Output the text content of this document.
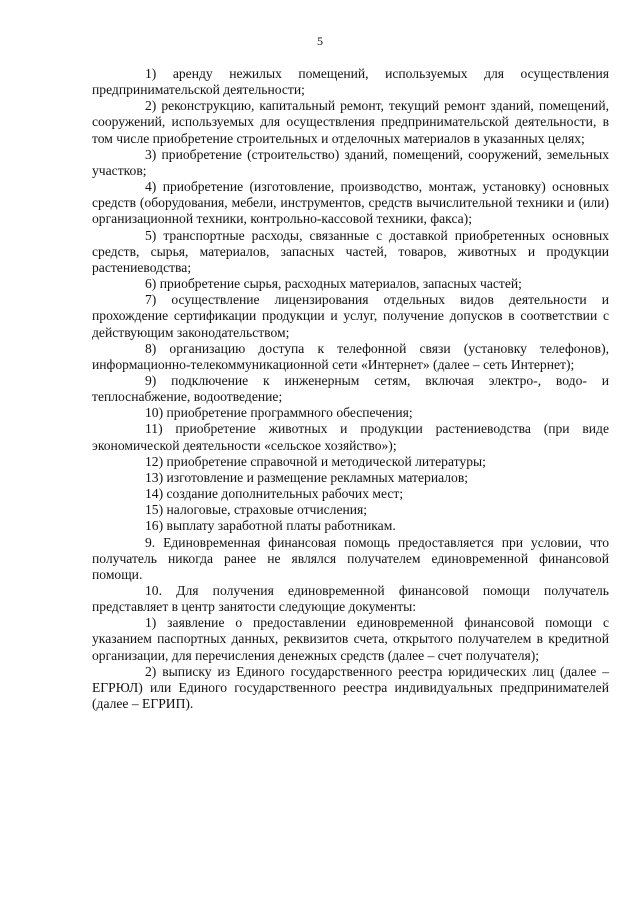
5

1) аренду нежилых помещений, используемых для осуществления предпринимательской деятельности;

2) реконструкцию, капитальный ремонт, текущий ремонт зданий, помещений, сооружений, используемых для осуществления предпринимательской деятельности, в том числе приобретение строительных и отделочных материалов в указанных целях;

3) приобретение (строительство) зданий, помещений, сооружений, земельных участков;

4) приобретение (изготовление, производство, монтаж, установку) основных средств (оборудования, мебели, инструментов, средств вычислительной техники и (или) организационной техники, контрольно-кассовой техники, факса);

5) транспортные расходы, связанные с доставкой приобретенных основных средств, сырья, материалов, запасных частей, товаров, животных и продукции растениеводства;

6) приобретение сырья, расходных материалов, запасных частей;

7) осуществление лицензирования отдельных видов деятельности и прохождение сертификации продукции и услуг, получение допусков в соответствии с действующим законодательством;

8) организацию доступа к телефонной связи (установку телефонов), информационно-телекоммуникационной сети «Интернет» (далее – сеть Интернет);

9) подключение к инженерным сетям, включая электро-, водо- и теплоснабжение, водоотведение;

10) приобретение программного обеспечения;

11) приобретение животных и продукции растениеводства (при виде экономической деятельности «сельское хозяйство»);

12) приобретение справочной и методической литературы;

13) изготовление и размещение рекламных материалов;

14) создание дополнительных рабочих мест;

15) налоговые, страховые отчисления;

16) выплату заработной платы работникам.

9. Единовременная финансовая помощь предоставляется при условии, что получатель никогда ранее не являлся получателем единовременной финансовой помощи.

10. Для получения единовременной финансовой помощи получатель представляет в центр занятости следующие документы:

1) заявление о предоставлении единовременной финансовой помощи с указанием паспортных данных, реквизитов счета, открытого получателем в кредитной организации, для перечисления денежных средств (далее – счет получателя);

2) выписку из Единого государственного реестра юридических лиц (далее – ЕГРЮЛ) или Единого государственного реестра индивидуальных предпринимателей (далее – ЕГРИП).
